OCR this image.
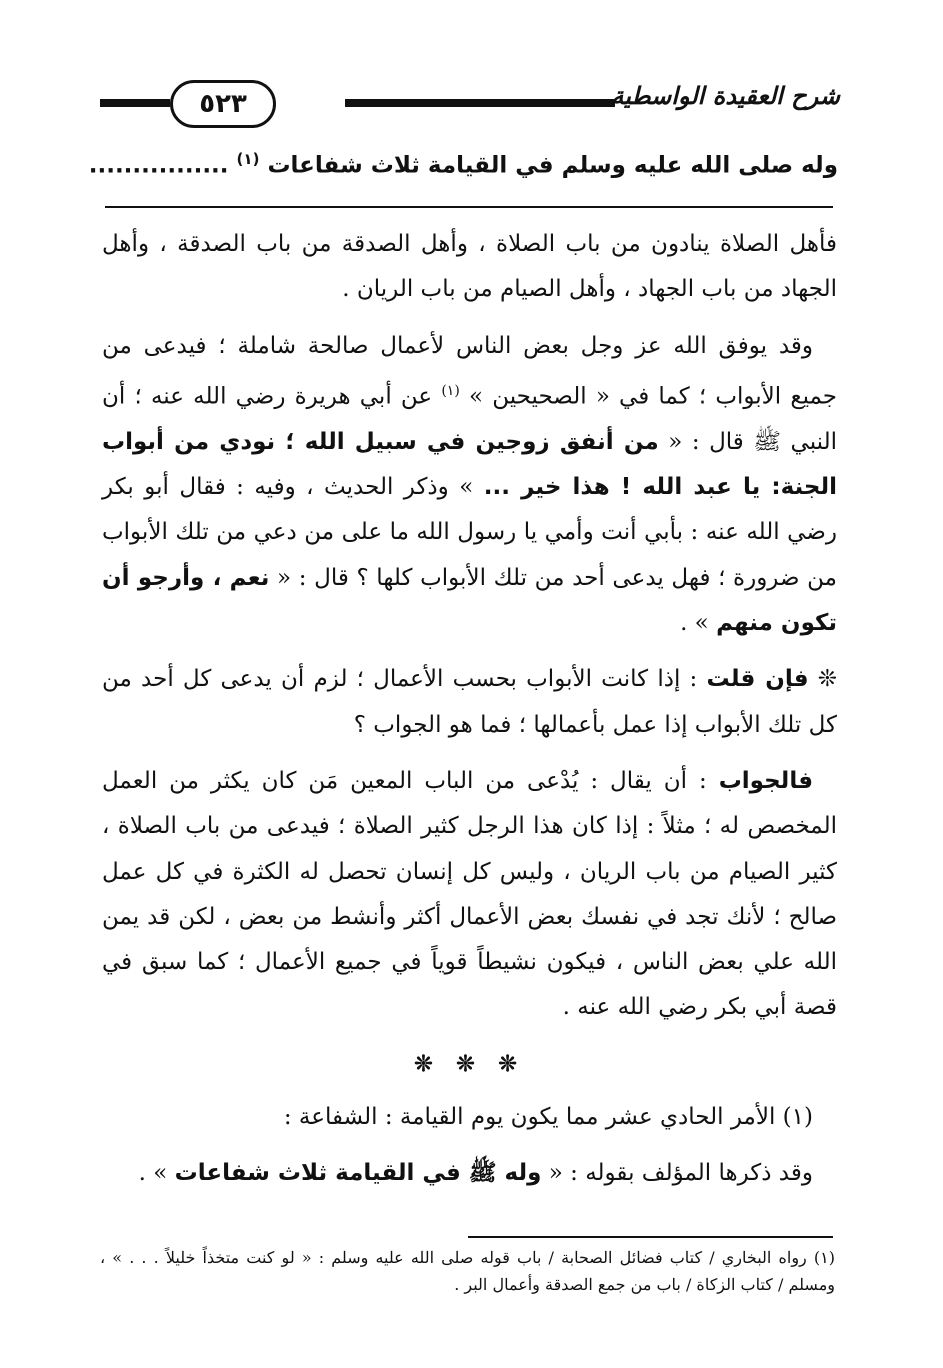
٥٢٣	شرح العقيدة الواسطية
وله صلى الله عليه وسلم في القيامة ثلاث شفاعات $^{(١)}$ ................

فأهل الصلاة ينادون من باب الصلاة ، وأهل الصدقة من باب الصدقة ، وأهل الجهاد من باب الجهاد ، وأهل الصيام من باب الريان .

وقد يوفق الله عز وجل بعض الناس لأعمال صالحة شاملة ؛ فيدعى من جميع الأبواب ؛ كما في « الصحيحين » $^{(١)}$ عن أبي هريرة رضي الله عنه ؛ أن النبي ﷺ قال : « من أنفق زوجين في سبيل الله ؛ نودي من أبواب الجنة: يا عبد الله ! هذا خير ... » وذكر الحديث ، وفيه : فقال أبو بكر رضي الله عنه : بأبي أنت وأمي يا رسول الله ما على من دعي من تلك الأبواب من ضرورة ؛ فهل يدعى أحد من تلك الأبواب كلها ؟ قال : « نعم ، وأرجو أن تكون منهم » .

❊ فإن قلت : إذا كانت الأبواب بحسب الأعمال ؛ لزم أن يدعى كل أحد من كل تلك الأبواب إذا عمل بأعمالها ؛ فما هو الجواب ؟

فالجواب : أن يقال : يُدْعى من الباب المعين مَن كان يكثر من العمل المخصص له ؛ مثلاً : إذا كان هذا الرجل كثير الصلاة ؛ فيدعى من باب الصلاة ، كثير الصيام من باب الريان ، وليس كل إنسان تحصل له الكثرة في كل عمل صالح ؛ لأنك تجد في نفسك بعض الأعمال أكثر وأنشط من بعض ، لكن قد يمن الله علي بعض الناس ، فيكون نشيطاً قوياً في جميع الأعمال ؛ كما سبق في قصة أبي بكر رضي الله عنه .

❊ ❊ ❊

(١) الأمر الحادي عشر مما يكون يوم القيامة : الشفاعة :

وقد ذكرها المؤلف بقوله : « وله ﷺ في القيامة ثلاث شفاعات » .

(١) رواه البخاري / كتاب فضائل الصحابة / باب قوله صلى الله عليه وسلم : « لو كنت متخذاً خليلاً . . . » ، ومسلم / كتاب الزكاة / باب من جمع الصدقة وأعمال البر .
